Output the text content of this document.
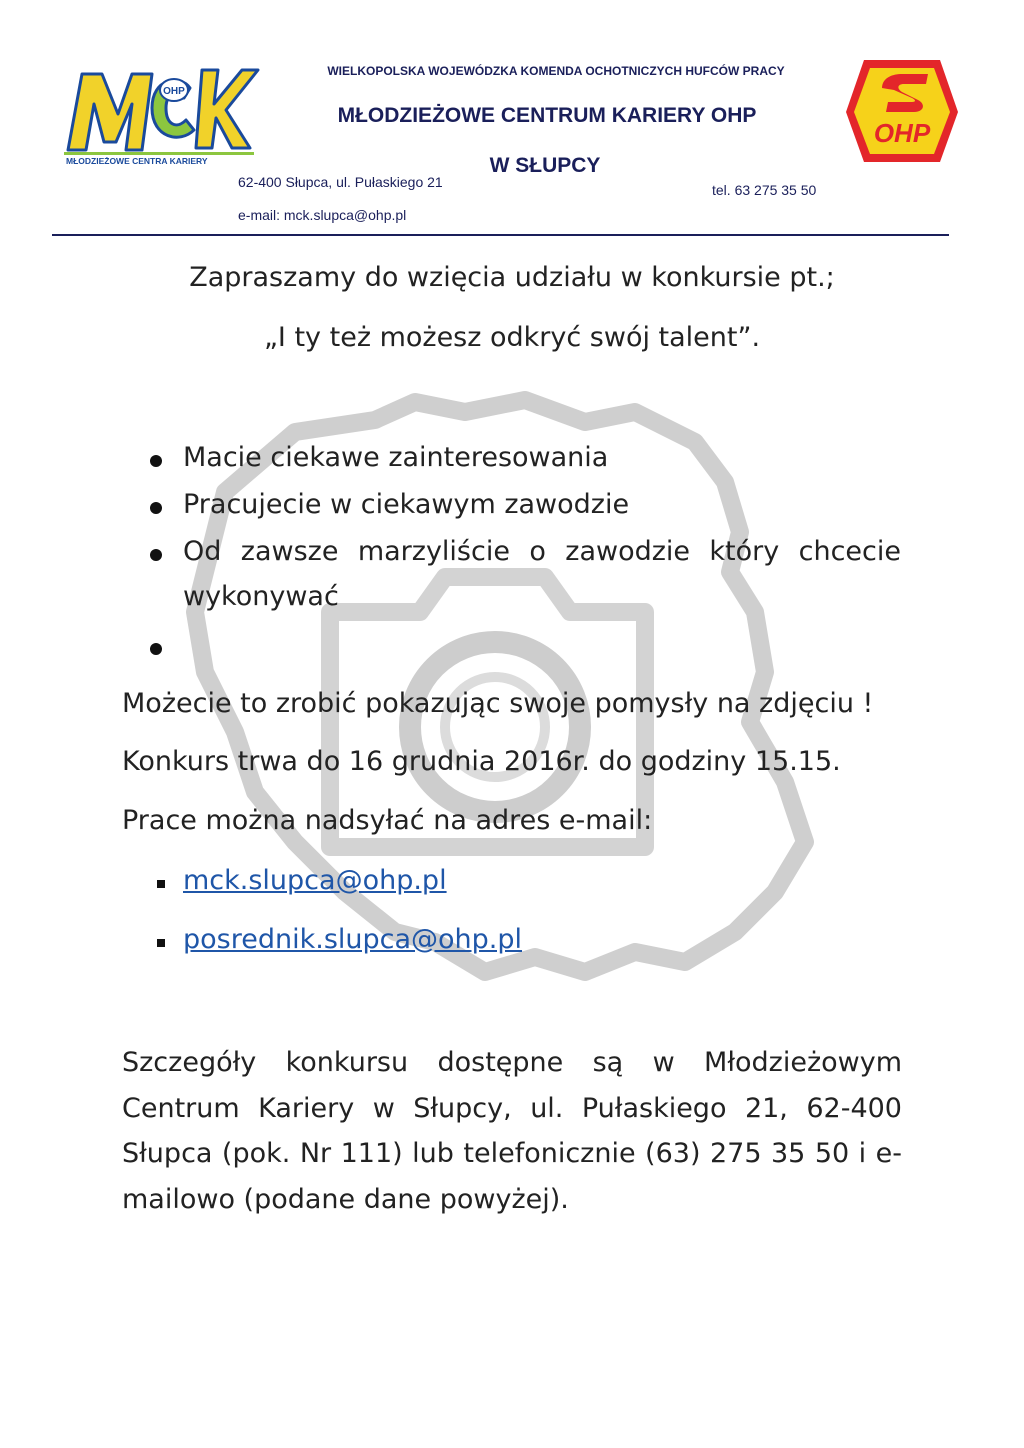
OHP
MŁODZIEŻOWE CENTRA KARIERY
MCK
OHP
WIELKOPOLSKA WOJEWÓDZKA KOMENDA OCHOTNICZYCH HUFCÓW PRACY
MŁODZIEŻOWE CENTRUM KARIERY OHP
W SŁUPCY
62-400 Słupca, ul. Pułaskiego 21	tel. 63 275 35 50
e-mail: mck.slupca@ohp.pl
Zapraszamy do wzięcia udziału w konkursie pt.;
„I ty też możesz odkryć swój talent”.
Macie ciekawe zainteresowania
Pracujecie w ciekawym zawodzie
Od zawsze marzyliście o zawodzie który chcecie
wykonywać
Możecie to zrobić pokazując swoje pomysły na zdjęciu !
Konkurs trwa do 16 grudnia 2016r. do godziny 15.15.
Prace można nadsyłać na adres e-mail:
mck.slupca@ohp.pl
posrednik.slupca@ohp.pl
Szczegóły konkursu dostępne są w Młodzieżowym Centrum Kariery w Słupcy, ul. Pułaskiego 21, 62-400 Słupca (pok. Nr 111) lub telefonicznie (63) 275 35 50 i e-mailowo (podane dane powyżej).
